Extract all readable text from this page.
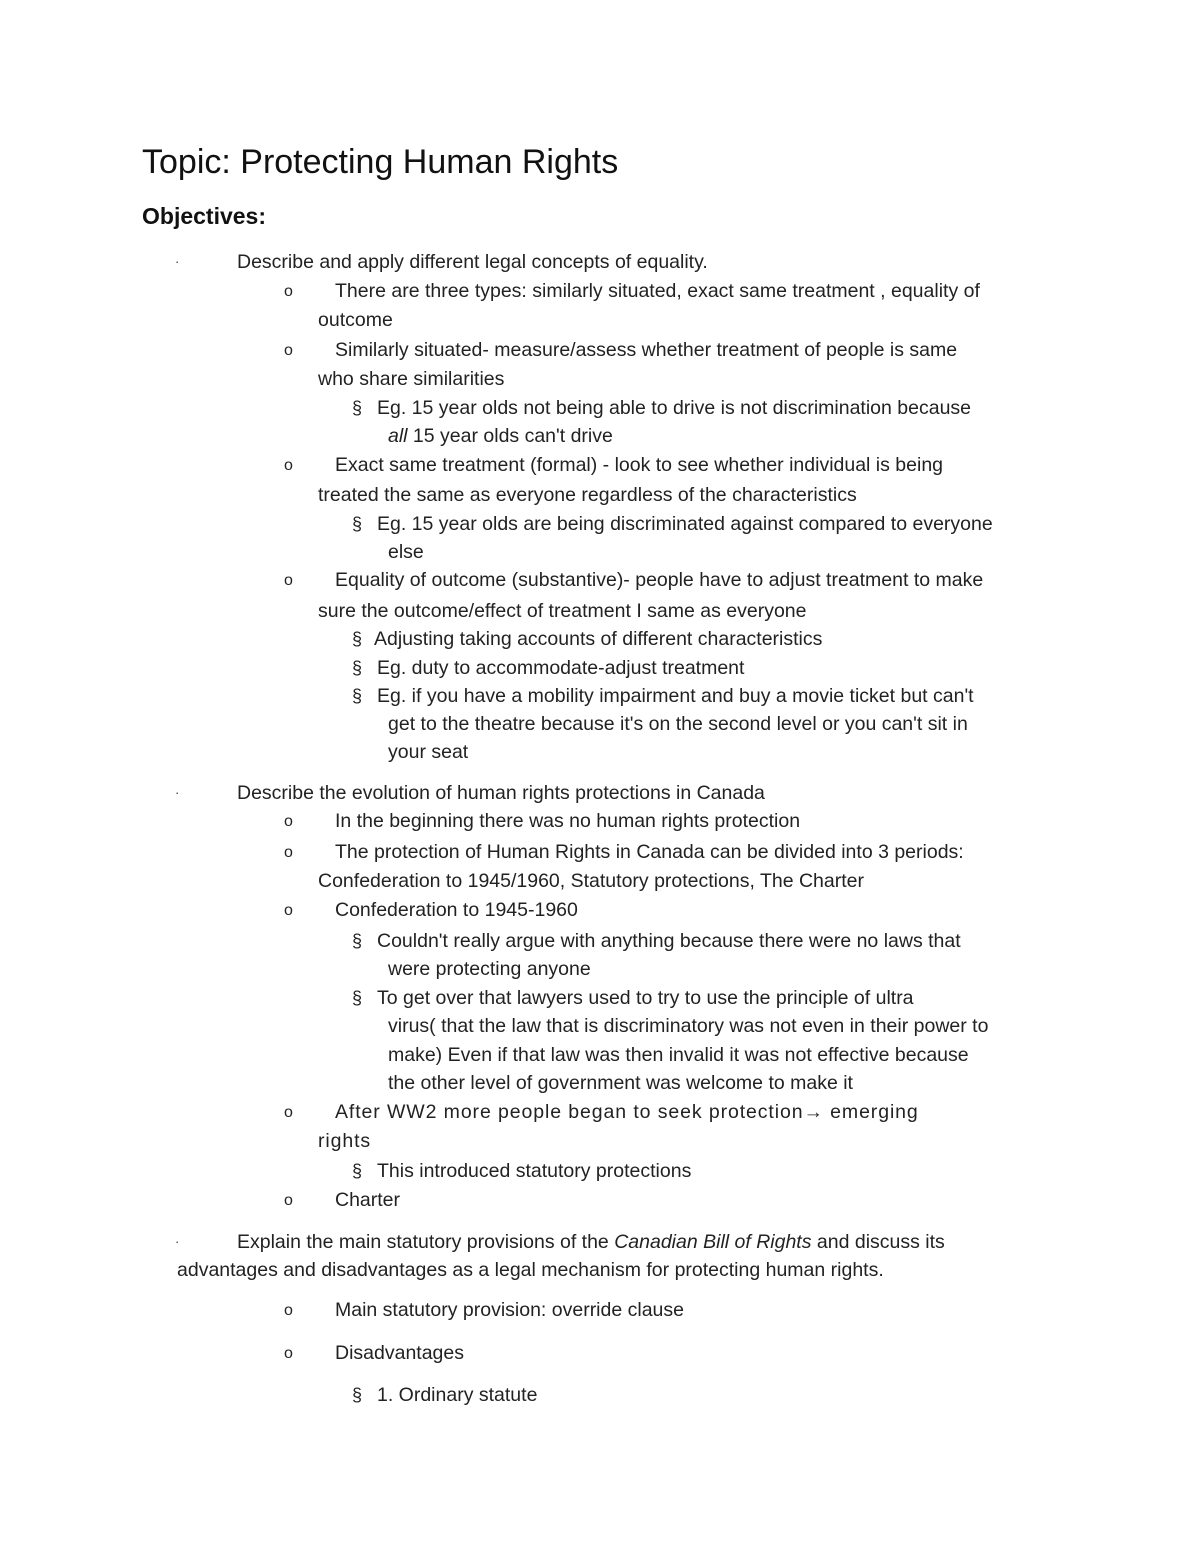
Topic: Protecting Human Rights
Objectives:
·	Describe and apply different legal concepts of equality.
o There are three types: similarly situated, exact same treatment , equality of
outcome
o Similarly situated- measure/assess whether treatment of people is same
who share similarities
§ Eg. 15 year olds not being able to drive is not discrimination because
all 15 year olds can't drive
o Exact same treatment (formal) - look to see whether individual is being
treated the same as everyone regardless of the characteristics
§ Eg. 15 year olds are being discriminated against compared to everyone
else
o Equality of outcome (substantive)- people have to adjust treatment to make
sure the outcome/effect of treatment I same as everyone
§ Adjusting taking accounts of different characteristics
§ Eg. duty to accommodate-adjust treatment
§ Eg. if you have a mobility impairment and buy a movie ticket but can't
get to the theatre because it's on the second level or you can't sit in
your seat
·	Describe the evolution of human rights protections in Canada
o In the beginning there was no human rights protection
o The protection of Human Rights in Canada can be divided into 3 periods:
Confederation to 1945/1960, Statutory protections, The Charter
o Confederation to 1945-1960
§ Couldn't really argue with anything because there were no laws that
were protecting anyone
§ To get over that lawyers used to try to use the principle of ultra
virus( that the law that is discriminatory was not even in their power to
make) Even if that law was then invalid it was not effective because
the other level of government was welcome to make it
o After WW2 more people began to seek protection→ emerging
rights
§ This introduced statutory protections
o Charter
·	Explain the main statutory provisions of the Canadian Bill of Rights and discuss its
advantages and disadvantages as a legal mechanism for protecting human rights.
o Main statutory provision: override clause
o Disadvantages
§ 1. Ordinary statute
